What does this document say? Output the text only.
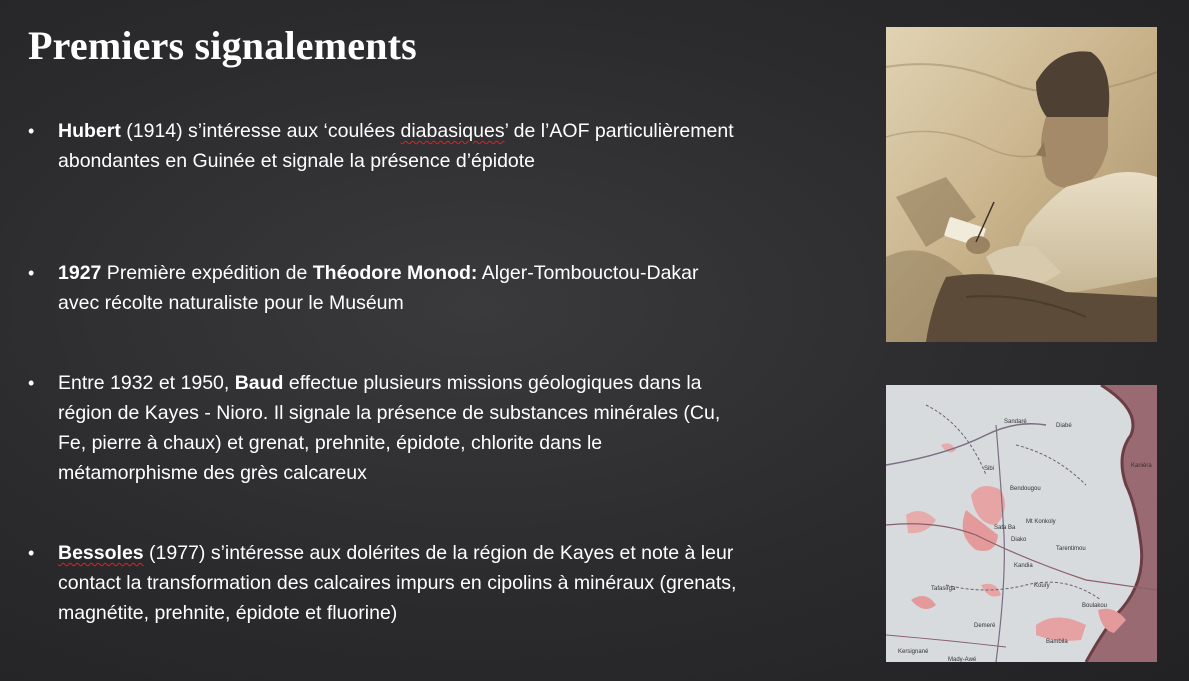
Premiers signalements
• Hubert (1914) s’intéresse aux ‘coulées diabasiques’ de l’AOF particulièrement abondantes en Guinée et signale la présence d’épidote
• 1927 Première expédition de Théodore Monod: Alger-Tombouctou-Dakar avec récolte naturaliste pour le Muséum
• Entre 1932 et 1950, Baud effectue plusieurs missions géologiques dans la région de Kayes - Nioro. Il signale la présence de substances minérales (Cu, Fe, pierre à chaux) et grenat, prehnite, épidote, chlorite dans le métamorphisme des grès calcareux
• Bessoles (1977) s’intéresse aux dolérites de la région de Kayes et note à leur contact la transformation des calcaires impurs en cipolins à minéraux (grenats, magnétite, prehnite, épidote et fluorine)
Sandaré
Diabé
Kanièra
Sibi
Bendougou
Mt Konkoly
Sata Ba
Diako
Tarentimou
Kandia
Koury
Tafasirga
Boulakou
Demeré
Bambila
Kersignané
Mady-Awé
